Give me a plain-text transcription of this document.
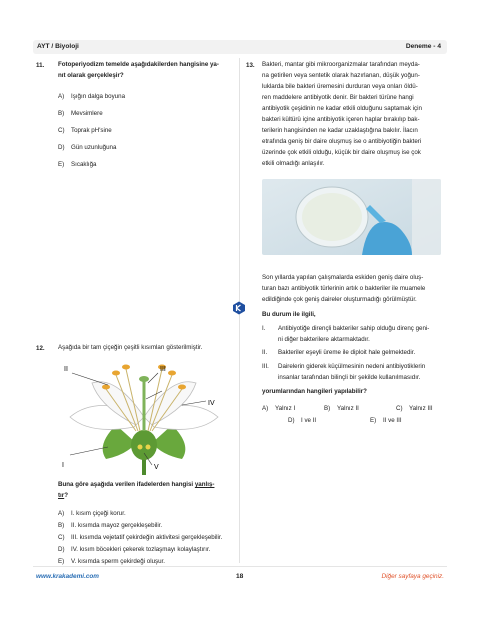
AYT / Biyoloji	Deneme - 4
11. Fotoperiyodizm temelde aşağıdakilerden hangisine ya-
nıt olarak gerçekleşir?
A) Işığın dalga boyuna
B) Mevsimlere
C) Toprak pH'sine
D) Gün uzunluğuna
E) Sıcaklığa
12. Aşağıda bir tam çiçeğin çeşitli kısımları gösterilmiştir.
II	III
IV
I	V
Buna göre aşağıda verilen ifadelerden hangisi yanlış-
tır?
A) I. kısım çiçeği korur.
B) II. kısımda mayoz gerçekleşebilir.
C) III. kısımda vejetatif çekirdeğin aktivitesi gerçekleşebilir.
D) IV. kısım böcekleri çekerek tozlaşmayı kolaylaştırır.
E) V. kısımda sperm çekirdeği oluşur.
13. Bakteri, mantar gibi mikroorganizmalar tarafından meyda-
na getirilen veya sentetik olarak hazırlanan, düşük yoğun-
luklarda bile bakteri üremesini durduran veya onları öldü-
ren maddelere antibiyotik denir. Bir bakteri türüne hangi
antibiyotik çeşidinin ne kadar etkili olduğunu saptamak için
bakteri kültürü içine antibiyotik içeren haplar bırakılıp bak-
terilerin hangisinden ne kadar uzaklaştığına bakılır. İlacın
etrafında geniş bir daire oluşmuş ise o antibiyotiğin bakteri
üzerinde çok etkili olduğu, küçük bir daire oluşmuş ise çok
etkili olmadığı anlaşılır.
Son yıllarda yapılan çalışmalarda eskiden geniş daire oluş-
turan bazı antibiyotik türlerinin artık o bakteriler ile muamele
edildiğinde çok geniş daireler oluşturmadığı görülmüştür.
Bu durum ile ilgili,
I. Antibiyotiğe dirençli bakteriler sahip olduğu direnç geni-
ni diğer bakterilere aktarmaktadır.
II. Bakteriler eşeyli üreme ile diploit hale gelmektedir.
III. Dairelerin giderek küçülmesinin nedeni antibiyotiklerin
insanlar tarafından bilinçli bir şekilde kullanılmasıdır.
yorumlarından hangileri yapılabilir?
A) Yalnız I	B) Yalnız II	C) Yalnız III
D) I ve II	E) II ve III
www.krakademi.com	18	Diğer sayfaya geçiniz.
